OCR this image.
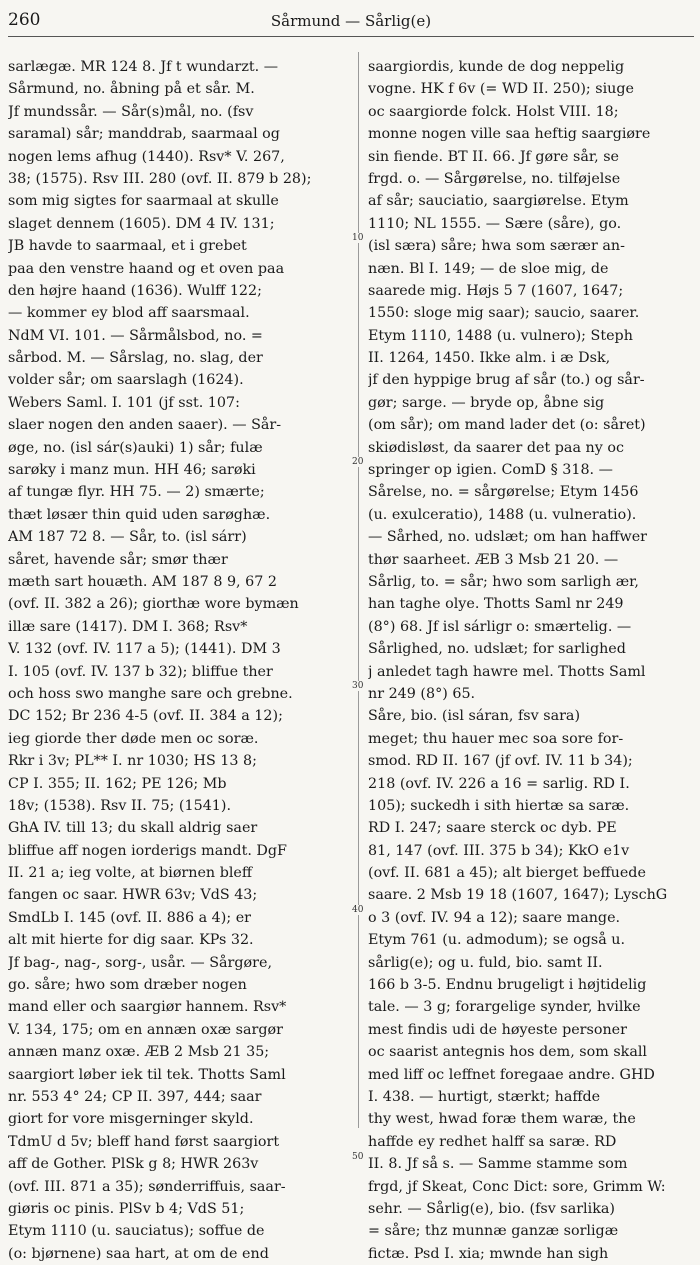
260	Sårmund — Sårlig(e)
sarlægæ. MR 124 8. Jf t wundarzt. —
Sårmund, no. åbning på et sår. M.
Jf mundssår. — Sår(s)mål, no. (fsv
saramal) sår; manddrab, saarmaal og
nogen lems afhug (1440). Rsv* V. 267,
38; (1575). Rsv III. 280 (ovf. II. 879 b 28);
som mig sigtes for saarmaal at skulle
slaget dennem (1605). DM 4 IV. 131;
JB havde to saarmaal, et i grebet
paa den venstre haand og et oven paa
den højre haand (1636). Wulff 122;
— kommer ey blod aff saarsmaal.
NdM VI. 101. — Sårmålsbod, no. =
sårbod. M. — Sårslag, no. slag, der
volder sår; om saarslagh (1624).
Webers Saml. I. 101 (jf sst. 107:
slaer nogen den anden saaer). — Sår-
øge, no. (isl sár(s)auki) 1) sår; fulæ
sarøky i manz mun. HH 46; sarøki
af tungæ flyr. HH 75. — 2) smærte;
thæt løsær thin quid uden sarøghæ.
AM 187 72 8. — Sår, to. (isl sárr)
såret, havende sår; smør thær
mæth sart houæth. AM 187 8 9, 67 2
(ovf. II. 382 a 26); giorthæ wore bymæn
illæ sare (1417). DM I. 368; Rsv*
V. 132 (ovf. IV. 117 a 5); (1441). DM 3
I. 105 (ovf. IV. 137 b 32); bliffue ther
och hoss swo manghe sare och grebne.
DC 152; Br 236 4-5 (ovf. II. 384 a 12);
ieg giorde ther døde men oc soræ.
Rkr i 3v; PL** I. nr 1030; HS 13 8;
CP I. 355; II. 162; PE 126; Mb
18v; (1538). Rsv II. 75; (1541).
GhA IV. till 13; du skall aldrig saer
bliffue aff nogen iorderigs mandt. DgF
II. 21 a; ieg volte, at biørnen bleff
fangen oc saar. HWR 63v; VdS 43;
SmdLb I. 145 (ovf. II. 886 a 4); er
alt mit hierte for dig saar. KPs 32.
Jf bag-, nag-, sorg-, usår. — Sårgøre,
go. såre; hwo som dræber nogen
mand eller och saargiør hannem. Rsv*
V. 134, 175; om en annæn oxæ sargør
annæn manz oxæ. ÆB 2 Msb 21 35;
saargiort løber iek til tek. Thotts Saml
nr. 553 4° 24; CP II. 397, 444; saar
giort for vore misgerninger skyld.
TdmU d 5v; bleff hand først saargiort
aff de Gother. PlSk g 8; HWR 263v
(ovf. III. 871 a 35); sønderriffuis, saar-
giøris oc pinis. PlSv b 4; VdS 51;
Etym 1110 (u. sauciatus); soffue de
(o: bjørnene) saa hart, at om de end
saargiordis, kunde de dog neppelig
vogne. HK f 6v (= WD II. 250); siuge
oc saargiorde folck. Holst VIII. 18;
monne nogen ville saa heftig saargiøre
sin fiende. BT II. 66. Jf gøre sår, se
frgd. o. — Sårgørelse, no. tilføjelse
af sår; sauciatio, saargiørelse. Etym
1110; NL 1555. — Sære (såre), go.
(isl særa) såre; hwa som særær an-
næn. Bl I. 149; — de sloe mig, de
saarede mig. Højs 5 7 (1607, 1647;
1550: sloge mig saar); saucio, saarer.
Etym 1110, 1488 (u. vulnero); Steph
II. 1264, 1450. Ikke alm. i æ Dsk,
jf den hyppige brug af sår (to.) og sår-
gør; sarge. — bryde op, åbne sig
(om sår); om mand lader det (o: såret)
skiødisløst, da saarer det paa ny oc
springer op igien. ComD § 318. —
Sårelse, no. = sårgørelse; Etym 1456
(u. exulceratio), 1488 (u. vulneratio).
— Sårhed, no. udslæt; om han haffwer
thør saarheet. ÆB 3 Msb 21 20. —
Sårlig, to. = sår; hwo som sarligh ær,
han taghe olye. Thotts Saml nr 249
(8°) 68. Jf isl sárligr o: smærtelig. —
Sårlighed, no. udslæt; for sarlighed
j anledet tagh hawre mel. Thotts Saml
nr 249 (8°) 65.
Såre, bio. (isl sáran, fsv sara)
meget; thu hauer mec soa sore for-
smod. RD II. 167 (jf ovf. IV. 11 b 34);
218 (ovf. IV. 226 a 16 = sarlig. RD I.
105); suckedh i sith hiertæ sa saræ.
RD I. 247; saare sterck oc dyb. PE
81, 147 (ovf. III. 375 b 34); KkO e1v
(ovf. II. 681 a 45); alt bierget beffuede
saare. 2 Msb 19 18 (1607, 1647); LyschG
o 3 (ovf. IV. 94 a 12); saare mange.
Etym 761 (u. admodum); se også u.
sårlig(e); og u. fuld, bio. samt II.
166 b 3-5. Endnu brugeligt i højtidelig
tale. — 3 g; forargelige synder, hvilke
mest findis udi de høyeste personer
oc saarist antegnis hos dem, som skall
med liff oc leffnet foregaae andre. GHD
I. 438. — hurtigt, stærkt; haffde
thy west, hwad foræ them waræ, the
haffde ey redhet halff sa saræ. RD
II. 8. Jf så s. — Samme stamme som
frgd, jf Skeat, Conc Dict: sore, Grimm W:
sehr. — Sårlig(e), bio. (fsv sarlika)
= såre; thz munnæ ganzæ sorligæ
fictæ. Psd I. xia; mwnde han sigh
10
20
30
40
50
